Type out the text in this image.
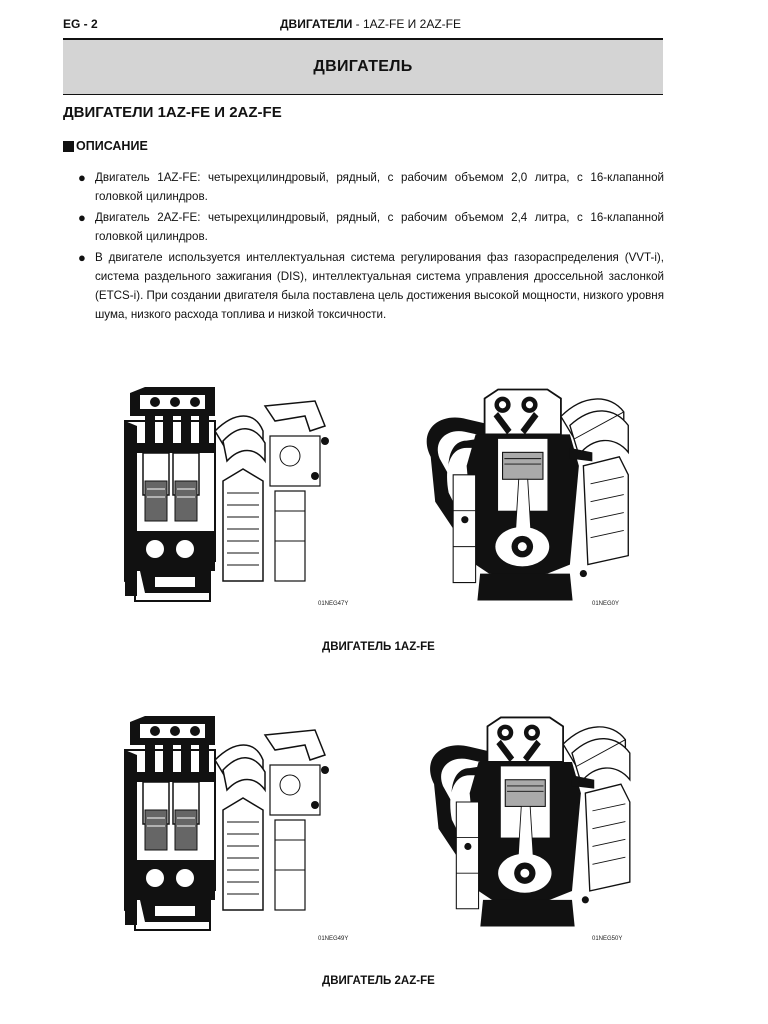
EG - 2	ДВИГАТЕЛИ - 1AZ-FE И 2AZ-FE
ДВИГАТЕЛЬ
ДВИГАТЕЛИ 1AZ-FE И 2AZ-FE
ОПИСАНИЕ
● Двигатель 1AZ-FE: четырехцилиндровый, рядный, с рабочим объемом 2,0 литра, с 16-клапанной головкой цилиндров.
● Двигатель 2AZ-FE: четырехцилиндровый, рядный, с рабочим объемом 2,4 литра, с 16-клапанной головкой цилиндров.
● В двигателе используется интеллектуальная система регулирования фаз газораспределения (VVT-i), система раздельного зажигания (DIS), интеллектуальная система управления дроссельной заслонкой (ETCS-i). При создании двигателя была поставлена цель достижения высокой мощности, низкого уровня шума, низкого расхода топлива и низкой токсичности.
01NEG47Y	01NEG0Y
ДВИГАТЕЛЬ 1AZ-FE
01NEG49Y	01NEG50Y
ДВИГАТЕЛЬ 2AZ-FE
